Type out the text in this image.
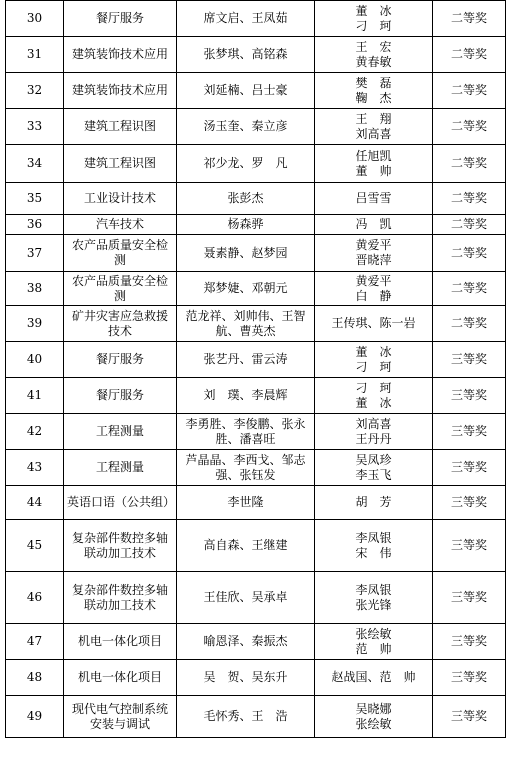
30	餐厅服务	席文启、王凤茹	董　冰
刁　珂	二等奖
31	建筑装饰技术应用	张梦琪、高铭森	王　宏
黄春敏	二等奖
32	建筑装饰技术应用	刘延楠、吕士豪	樊　磊
鞠　杰	二等奖
33	建筑工程识图	汤玉奎、秦立彦	王　翔
刘高喜	二等奖
34	建筑工程识图	祁少龙、罗　凡	任旭凯
董　帅	二等奖
35	工业设计技术	张彭杰	吕雪雪	二等奖
36	汽车技术	杨森骅	冯　凯	二等奖
37	农产品质量安全检测	聂素静、赵梦园	黄爱平
晋晓萍	二等奖
38	农产品质量安全检测	郑梦婕、邓朝元	黄爱平
白　静	二等奖
39	矿井灾害应急救援技术	范龙祥、刘帅伟、王智航、曹英杰	王传琪、陈一岩	二等奖
40	餐厅服务	张艺丹、雷云涛	董　冰
刁　珂	三等奖
41	餐厅服务	刘　璞、李晨辉	刁　珂
董　冰	三等奖
42	工程测量	李勇胜、李俊鹏、张永胜、潘喜旺	刘高喜
王丹丹	三等奖
43	工程测量	芦晶晶、李西戈、邹志强、张钰发	吴凤珍
李玉飞	三等奖
44	英语口语（公共组）	李世隆	胡　芳	三等奖
45	复杂部件数控多轴联动加工技术	高自森、王继建	李凤银
宋　伟	三等奖
46	复杂部件数控多轴联动加工技术	王佳欣、吴承卓	李凤银
张光锋	三等奖
47	机电一体化项目	喻恩泽、秦振杰	张绘敏
范　帅	三等奖
48	机电一体化项目	吴　贺、吴东升	赵战国、范　帅	三等奖
49	现代电气控制系统安装与调试	毛怀秀、王　浩	吴晓娜
张绘敏	三等奖
